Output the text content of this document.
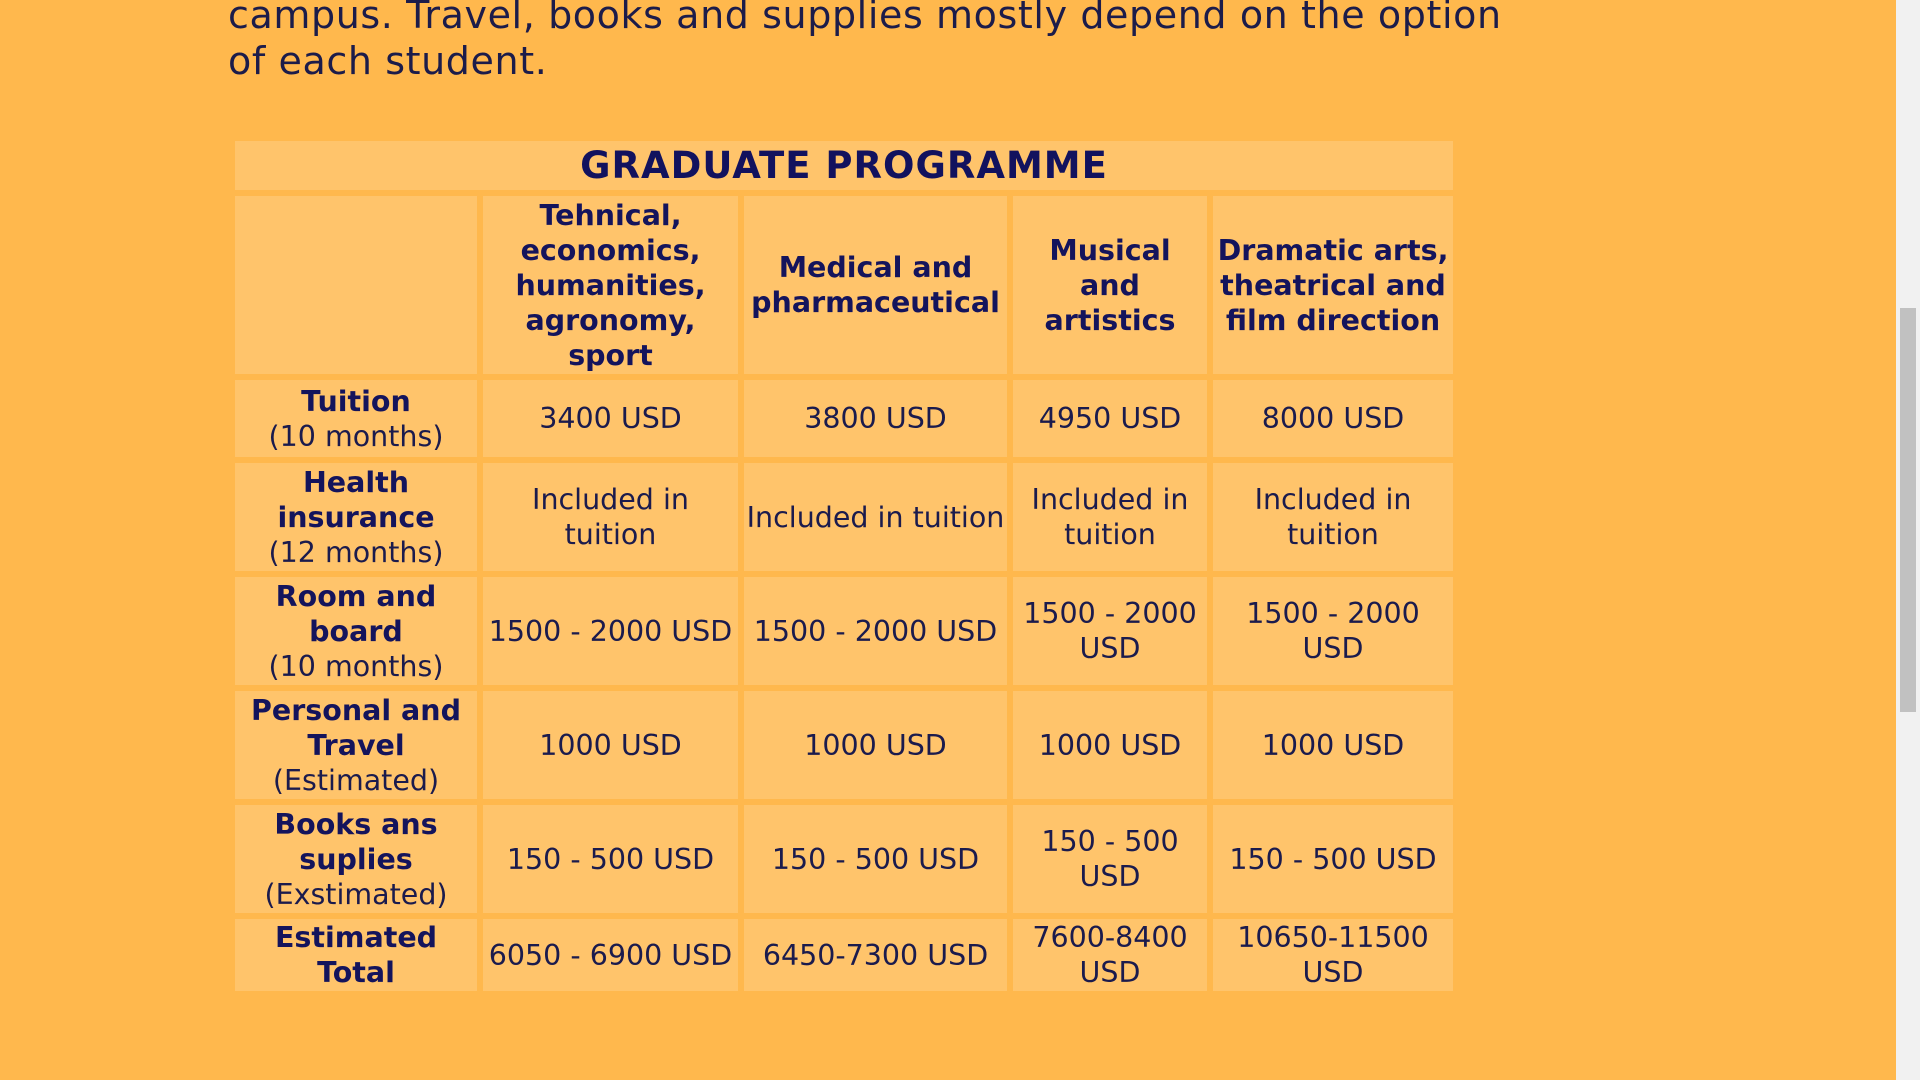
campus. Travel, books and supplies mostly depend on the option
of each student.

GRADUATE PROGRAMME				
	Tehnical, economics, humanities, agronomy, sport	Medical and pharmaceutical	Musical and artistics	Dramatic arts, theatrical and film direction

Tuition
(10 months)	3400 USD	3800 USD	4950 USD	8000 USD

Health insurance
(12 months)	Included in tuition	Included in tuition	Included in tuition	Included in tuition

Room and board
(10 months)	1500 - 2000 USD	1500 - 2000 USD	1500 - 2000 USD	1500 - 2000 USD

Personal and Travel
(Estimated)	1000 USD	1000 USD	1000 USD	1000 USD

Books ans suplies
(Exstimated)	150 - 500 USD	150 - 500 USD	150 - 500 USD	150 - 500 USD

Estimated Total	6050 - 6900 USD	6450-7300 USD	7600-8400 USD	10650-11500 USD
